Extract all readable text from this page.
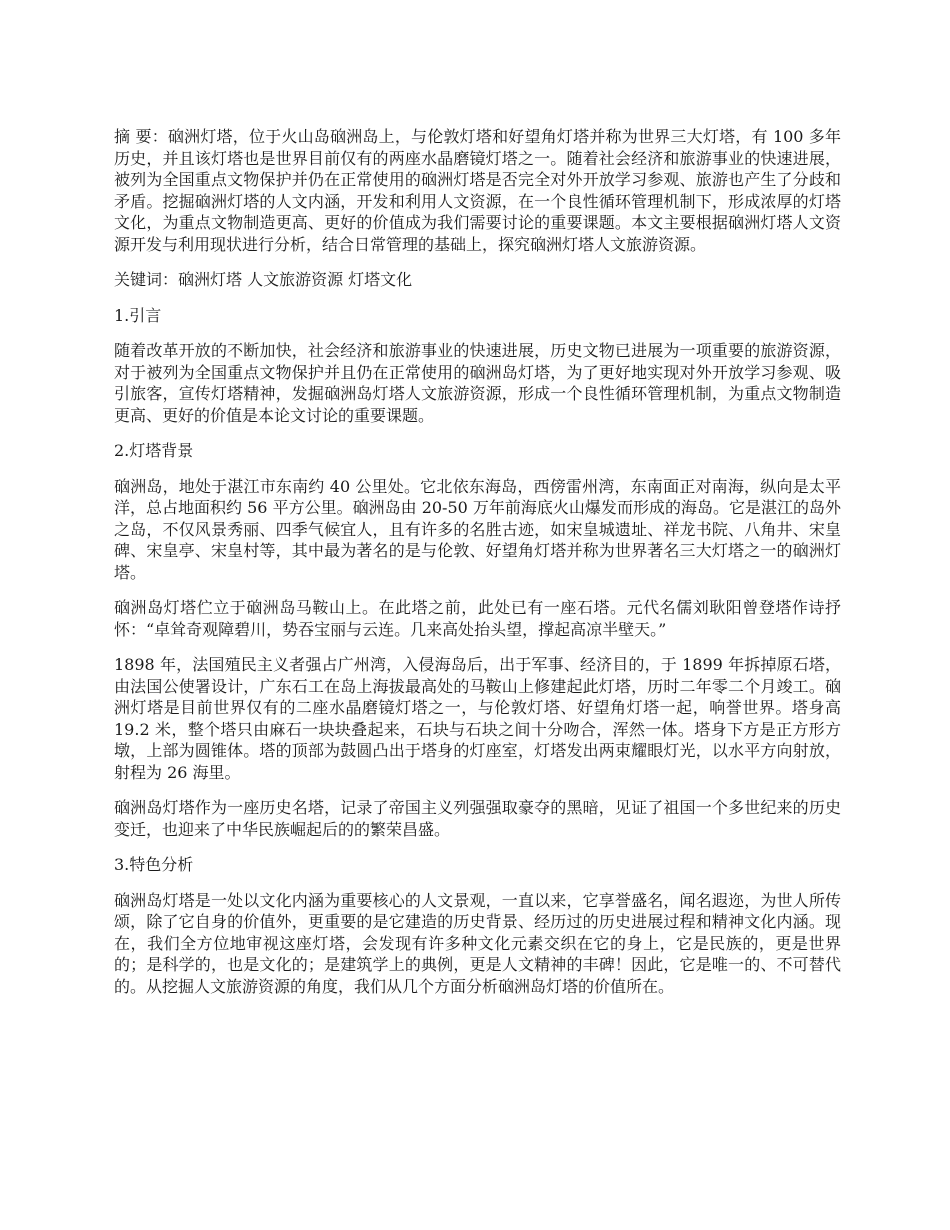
摘 要：硇洲灯塔，位于火山岛硇洲岛上，与伦敦灯塔和好望角灯塔并称为世界三大灯塔，有 100 多年历史，并且该灯塔也是世界目前仅有的两座水晶磨镜灯塔之一。随着社会经济和旅游事业的快速进展，被列为全国重点文物保护并仍在正常使用的硇洲灯塔是否完全对外开放学习参观、旅游也产生了分歧和矛盾。挖掘硇洲灯塔的人文内涵，开发和利用人文资源，在一个良性循环管理机制下，形成浓厚的灯塔文化，为重点文物制造更高、更好的价值成为我们需要讨论的重要课题。本文主要根据硇洲灯塔人文资源开发与利用现状进行分析，结合日常管理的基础上，探究硇洲灯塔人文旅游资源。

关键词：硇洲灯塔 人文旅游资源 灯塔文化

1.引言

随着改革开放的不断加快，社会经济和旅游事业的快速进展，历史文物已进展为一项重要的旅游资源，对于被列为全国重点文物保护并且仍在正常使用的硇洲岛灯塔，为了更好地实现对外开放学习参观、吸引旅客，宣传灯塔精神，发掘硇洲岛灯塔人文旅游资源，形成一个良性循环管理机制，为重点文物制造更高、更好的价值是本论文讨论的重要课题。

2.灯塔背景

硇洲岛，地处于湛江市东南约 40 公里处。它北依东海岛，西傍雷州湾，东南面正对南海，纵向是太平洋，总占地面积约 56 平方公里。硇洲岛由 20-50 万年前海底火山爆发而形成的海岛。它是湛江的岛外之岛，不仅风景秀丽、四季气候宜人，且有许多的名胜古迹，如宋皇城遗址、祥龙书院、八角井、宋皇碑、宋皇亭、宋皇村等，其中最为著名的是与伦敦、好望角灯塔并称为世界著名三大灯塔之一的硇洲灯塔。

硇洲岛灯塔伫立于硇洲岛马鞍山上。在此塔之前，此处已有一座石塔。元代名儒刘耿阳曾登塔作诗抒怀：“卓耸奇观障碧川，势吞宝丽与云连。几来高处抬头望，撑起高凉半壁天。”

1898 年，法国殖民主义者强占广州湾，入侵海岛后，出于军事、经济目的，于 1899 年拆掉原石塔，由法国公使署设计，广东石工在岛上海拔最高处的马鞍山上修建起此灯塔，历时二年零二个月竣工。硇洲灯塔是目前世界仅有的二座水晶磨镜灯塔之一，与伦敦灯塔、好望角灯塔一起，响誉世界。塔身高 19.2 米，整个塔只由麻石一块块叠起来，石块与石块之间十分吻合，浑然一体。塔身下方是正方形方墩，上部为圆锥体。塔的顶部为鼓圆凸出于塔身的灯座室，灯塔发出两束耀眼灯光，以水平方向射放，射程为 26 海里。

硇洲岛灯塔作为一座历史名塔，记录了帝国主义列强强取豪夺的黑暗，见证了祖国一个多世纪来的历史变迁，也迎来了中华民族崛起后的的繁荣昌盛。

3.特色分析

硇洲岛灯塔是一处以文化内涵为重要核心的人文景观，一直以来，它享誉盛名，闻名遐迩，为世人所传颂，除了它自身的价值外，更重要的是它建造的历史背景、经历过的历史进展过程和精神文化内涵。现在，我们全方位地审视这座灯塔，会发现有许多种文化元素交织在它的身上，它是民族的，更是世界的；是科学的，也是文化的；是建筑学上的典例，更是人文精神的丰碑！因此，它是唯一的、不可替代的。从挖掘人文旅游资源的角度，我们从几个方面分析硇洲岛灯塔的价值所在。
